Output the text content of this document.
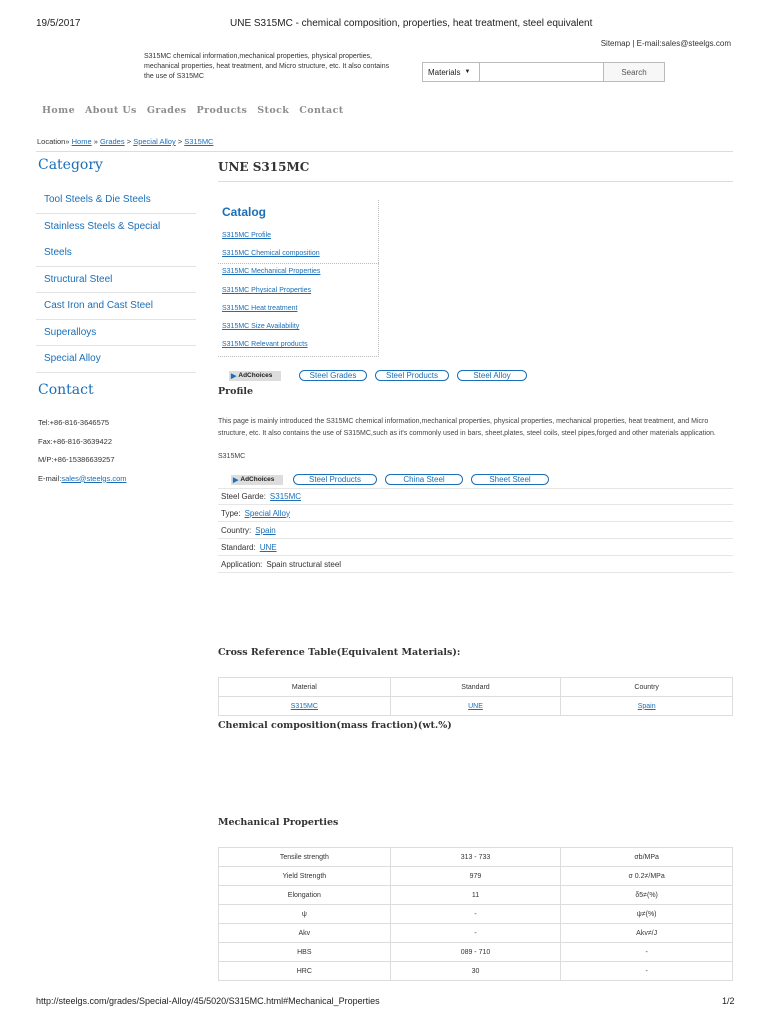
19/5/2017	UNE S315MC - chemical composition, properties, heat treatment, steel equivalent
Sitemap | E-mail:sales@steelgs.com
S315MC chemical information,mechanical properties, physical properties, mechanical properties, heat treatment, and Micro structure, etc. It also contains the use of S315MC	Materials ▼	Search
Home About Us Grades Products Stock Contact
Location» Home » Grades > Special Alloy > S315MC
Category
Tool Steels & Die Steels
Stainless Steels & Special
Steels
Structural Steel
Cast Iron and Cast Steel
Superalloys
Special Alloy
Contact
Tel:+86-816-3646575
Fax:+86-816-3639422
M/P:+86-15386639257
E-mail:sales@steelgs.com
UNE S315MC
Catalog
S315MC Profile
S315MC Chemical composition
S315MC Mechanical Properties
S315MC Physical Properties
S315MC Heat treatment
S315MC Size Availability
S315MC Relevant products
▶ AdChoices	Steel Grades	Steel Products	Steel Alloy
Profile
This page is mainly introduced the S315MC chemical information,mechanical properties, physical properties, mechanical properties, heat treatment, and Micro structure, etc. It also contains the use of S315MC,such as it's commonly used in bars, sheet,plates, steel coils, steel pipes,forged and other materials application.
S315MC
▶ AdChoices	Steel Products	China Steel	Sheet Steel
Steel Garde: S315MC
Type: Special Alloy
Country: Spain
Standard: UNE
Application: Spain structural steel
Cross Reference Table(Equivalent Materials):
Material	Standard	Country
S315MC	UNE	Spain
Chemical composition(mass fraction)(wt.%)
Mechanical Properties
Tensile strength	313 - 733	σb/MPa
Yield Strength	979	σ 0.2≠/MPa
Elongation	11	δ5≠(%)
ψ	-	ψ≠(%)
Akv	-	Akv≠/J
HBS	089 - 710	-
HRC	30	-
http://steelgs.com/grades/Special-Alloy/45/5020/S315MC.html#Mechanical_Properties	1/2
